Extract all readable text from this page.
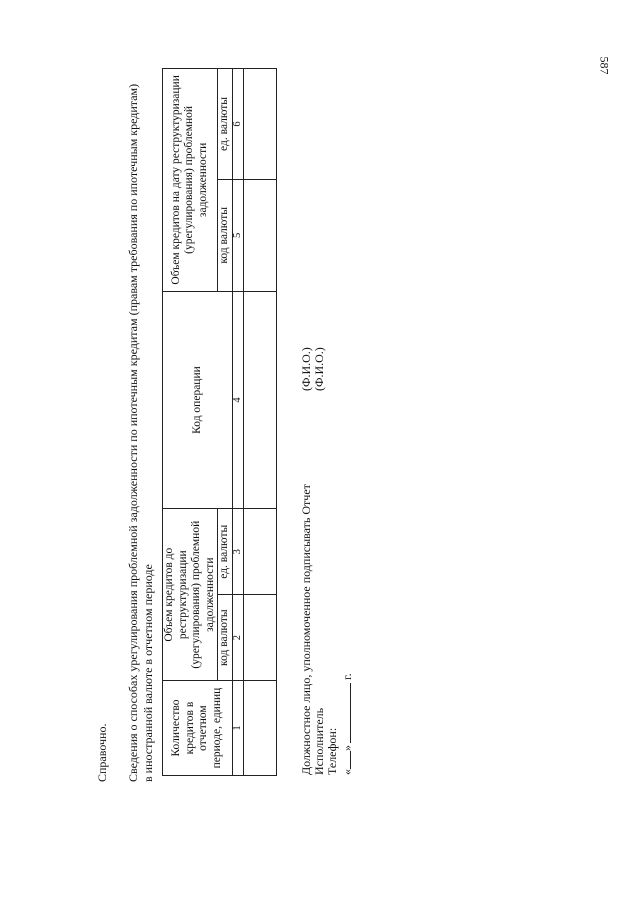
587
Справочно. Сведения о способах урегулирования проблемной задолженности по ипотечным кредитам (правам требования по ипотечным кредитам) в иностранной валюте в отчетном периоде Количество кредитов в отчетном периоде, единиц	Объем кредитов до реструктуризации (урегулирования) проблемной задолженности		Код операции	Объем кредитов на дату реструктуризации (урегулирования) проблемной задолженности	
	код валюты	ед. валюты		код валюты	ед. валюты
1	2	3	4	5	6

Должностное лицо, уполномоченное подписывать Отчет
(Ф.И.О.)
Исполнитель
(Ф.И.О.)
Телефон: «» г.
